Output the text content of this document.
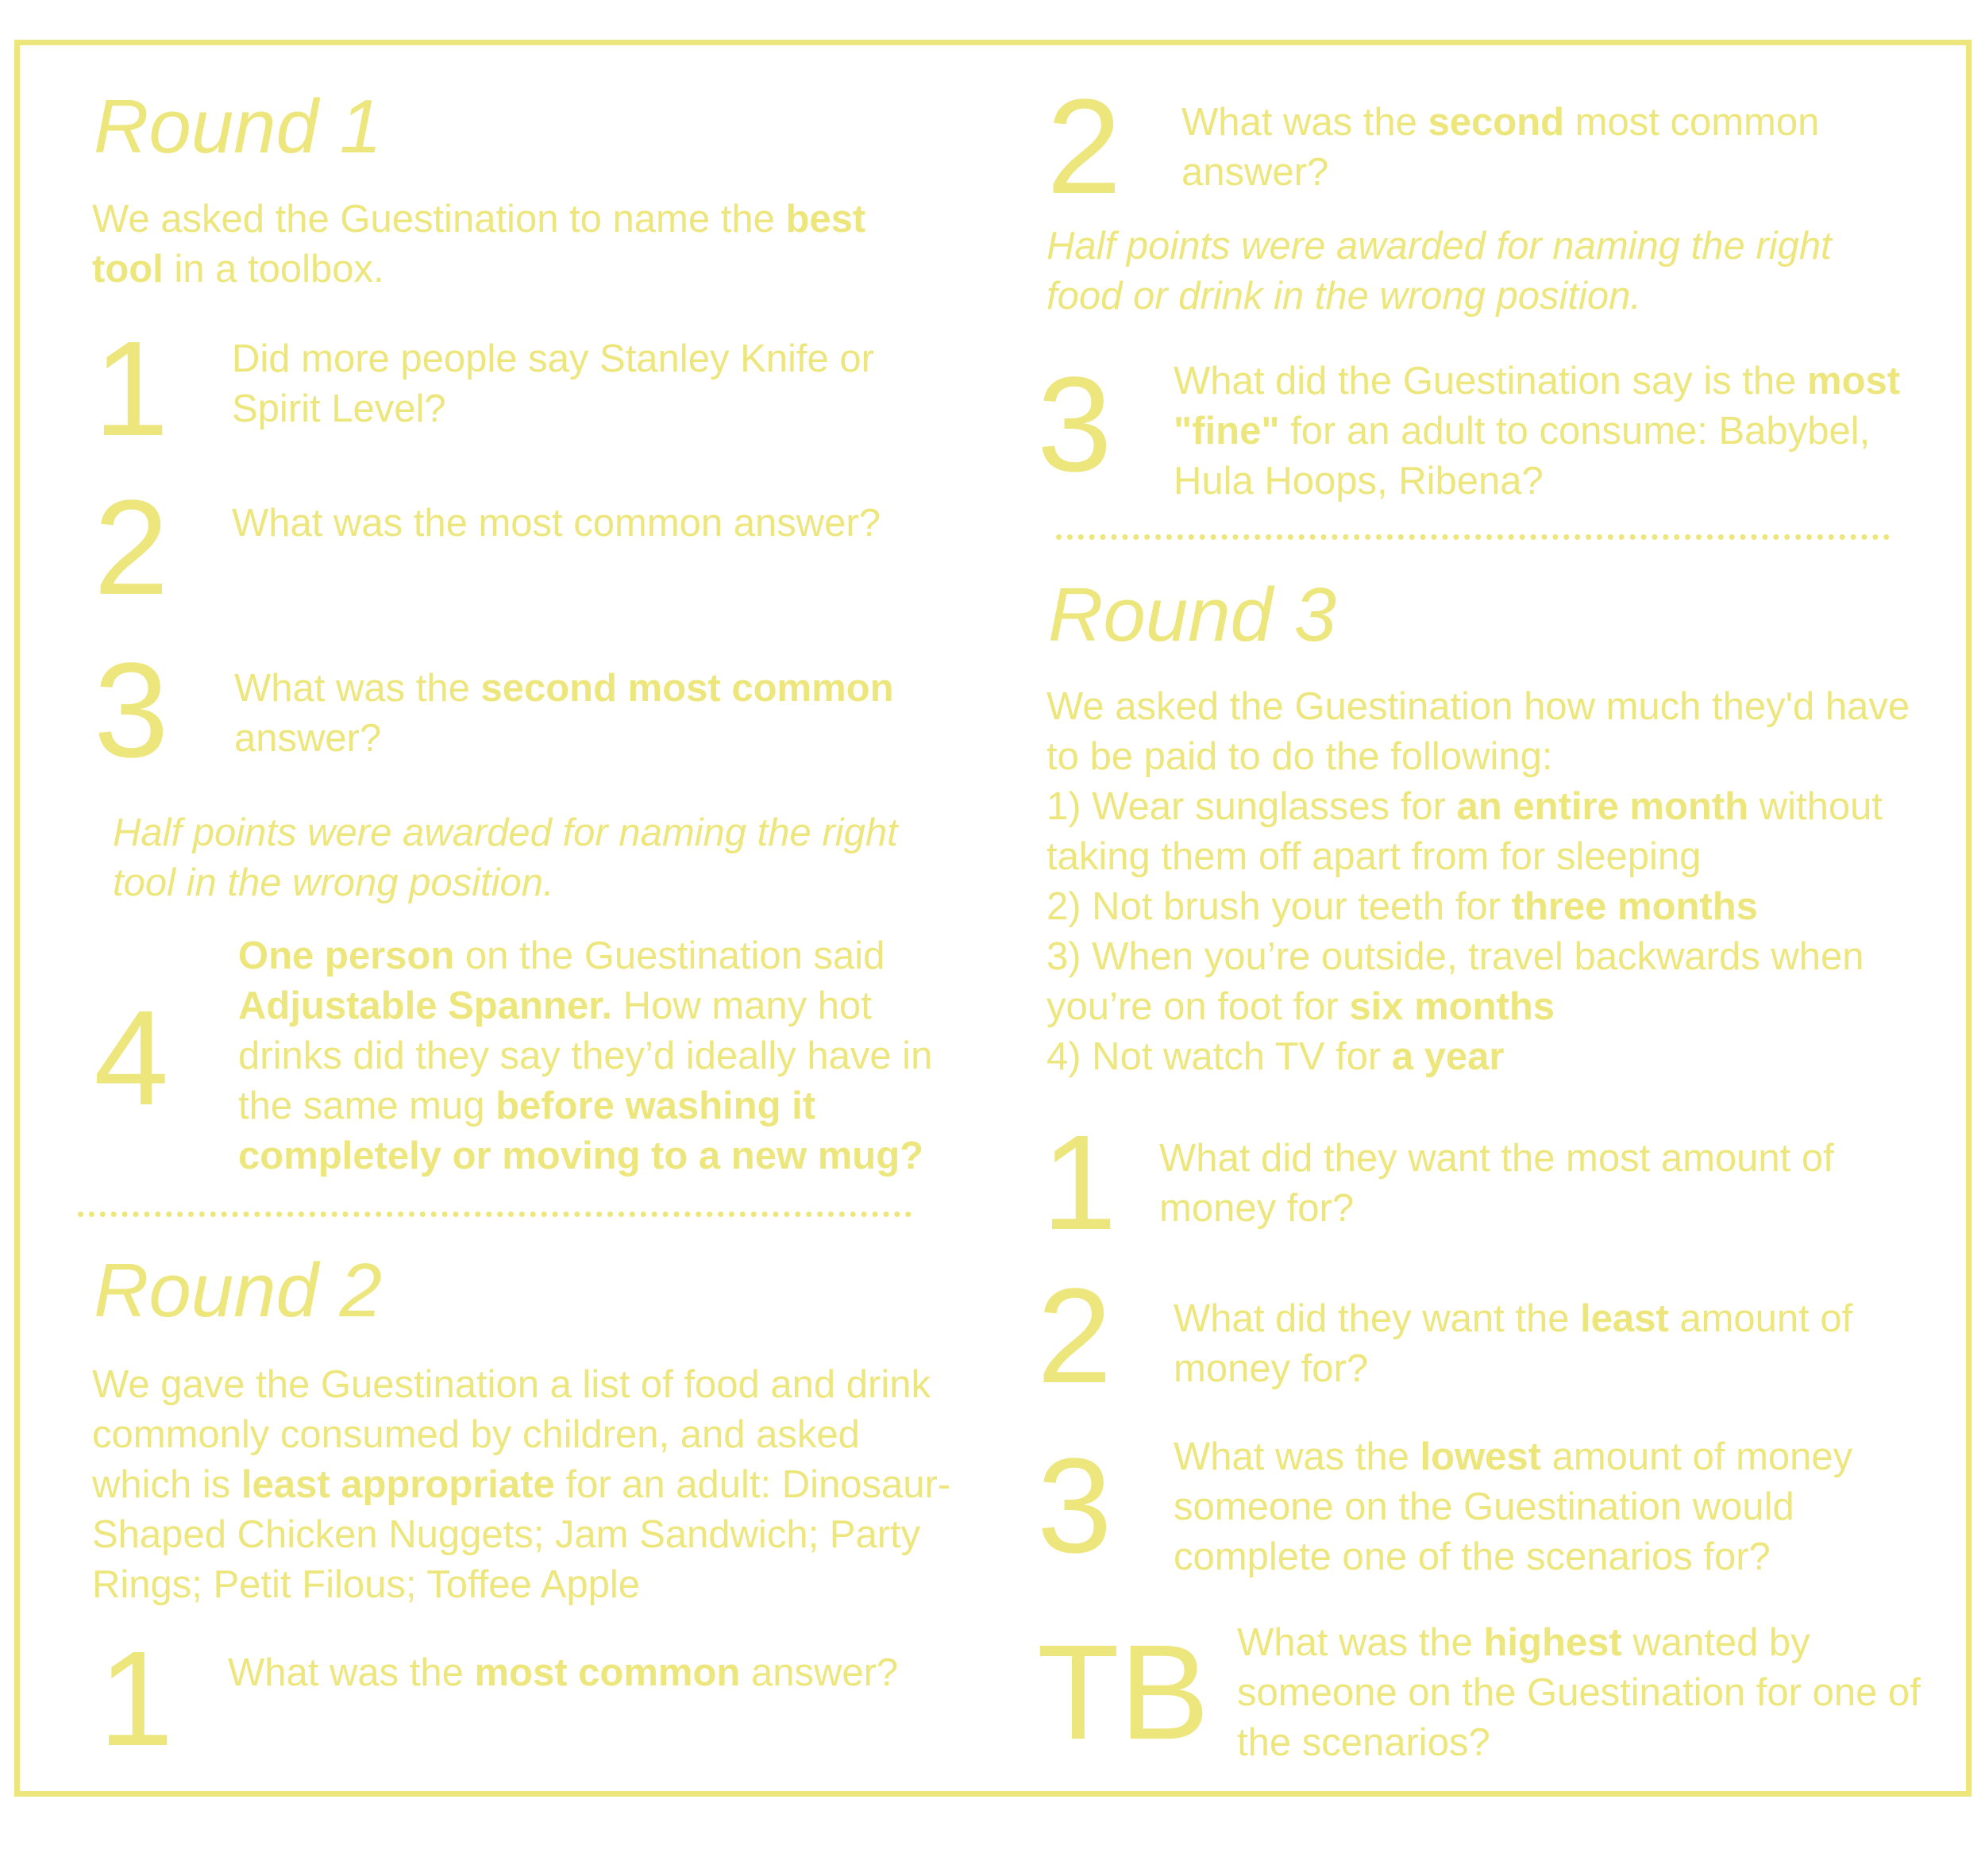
Round 1
We asked the Guestination to name the best tool in a toolbox.
1 Did more people say Stanley Knife or Spirit Level?
2 What was the most common answer?
3 What was the second most common answer?
Half points were awarded for naming the right tool in the wrong position.
4
One person on the Guestination said Adjustable Spanner. How many hot drinks did they say they’d ideally have in the same mug before washing it completely or moving to a new mug?
Round 2
We gave the Guestination a list of food and drink commonly consumed by children, and asked which is least appropriate for an adult: Dinosaur-Shaped Chicken Nuggets; Jam Sandwich; Party Rings; Petit Filous; Toffee Apple
1 What was the most common answer?
2 What was the second most common answer?
Half points were awarded for naming the right food or drink in the wrong position.
3 What did the Guestination say is the most "fine" for an adult to consume: Babybel, Hula Hoops, Ribena?
Round 3
We asked the Guestination how much they'd have to be paid to do the following:
1) Wear sunglasses for an entire month without taking them off apart from for sleeping
2) Not brush your teeth for three months
3) When you’re outside, travel backwards when you’re on foot for six months
4) Not watch TV for a year
1 What did they want the most amount of money for?
2 What did they want the least amount of money for?
3 What was the lowest amount of money someone on the Guestination would complete one of the scenarios for?
TB What was the highest wanted by someone on the Guestination for one of the scenarios?
